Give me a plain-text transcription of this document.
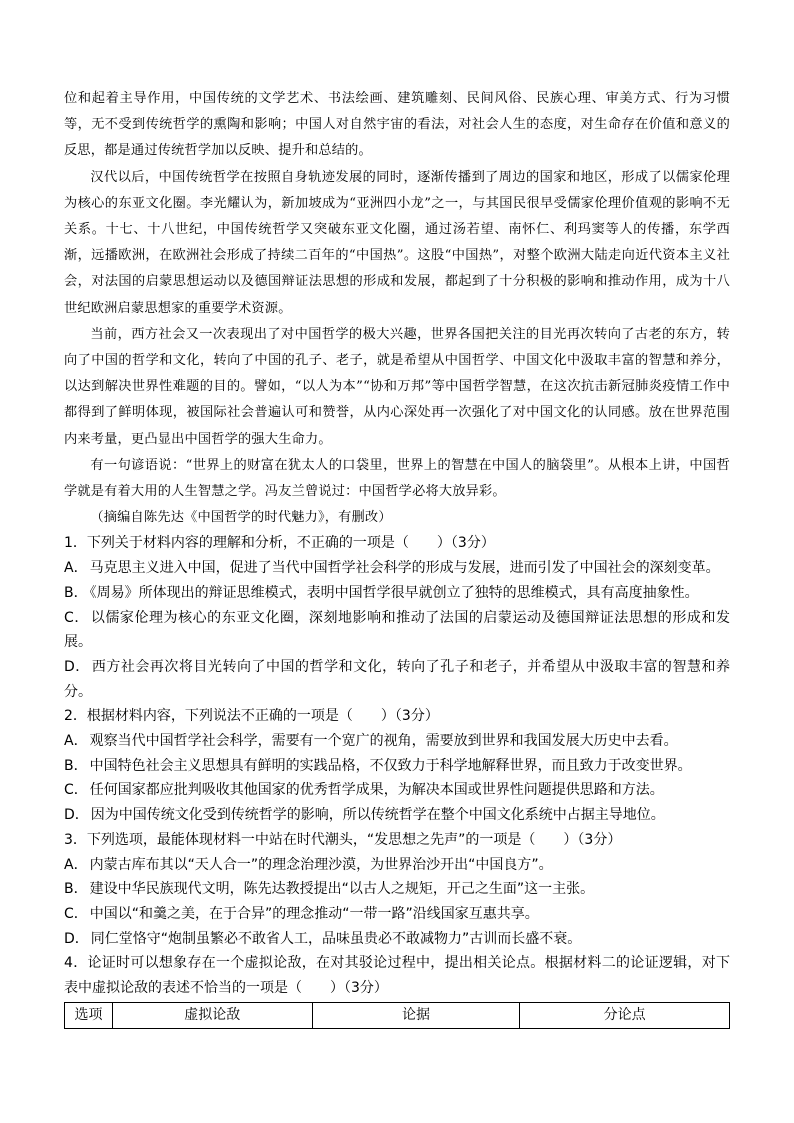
位和起着主导作用，中国传统的文学艺术、书法绘画、建筑雕刻、民间风俗、民族心理、审美方式、行为习惯等，无不受到传统哲学的熏陶和影响；中国人对自然宇宙的看法，对社会人生的态度，对生命存在价值和意义的反思，都是通过传统哲学加以反映、提升和总结的。

汉代以后，中国传统哲学在按照自身轨迹发展的同时，逐渐传播到了周边的国家和地区，形成了以儒家伦理为核心的东亚文化圈。李光耀认为，新加坡成为“亚洲四小龙”之一，与其国民很早受儒家伦理价值观的影响不无关系。十七、十八世纪，中国传统哲学又突破东亚文化圈，通过汤若望、南怀仁、利玛窦等人的传播，东学西渐，远播欧洲，在欧洲社会形成了持续二百年的“中国热”。这股“中国热”，对整个欧洲大陆走向近代资本主义社会，对法国的启蒙思想运动以及德国辩证法思想的形成和发展，都起到了十分积极的影响和推动作用，成为十八世纪欧洲启蒙思想家的重要学术资源。

当前，西方社会又一次表现出了对中国哲学的极大兴趣，世界各国把关注的目光再次转向了古老的东方，转向了中国的哲学和文化，转向了中国的孔子、老子，就是希望从中国哲学、中国文化中汲取丰富的智慧和养分，以达到解决世界性难题的目的。譬如，“以人为本”“协和万邦”等中国哲学智慧，在这次抗击新冠肺炎疫情工作中都得到了鲜明体现，被国际社会普遍认可和赞誉，从内心深处再一次强化了对中国文化的认同感。放在世界范围内来考量，更凸显出中国哲学的强大生命力。

有一句谚语说：“世界上的财富在犹太人的口袋里，世界上的智慧在中国人的脑袋里”。从根本上讲，中国哲学就是有着大用的人生智慧之学。冯友兰曾说过：中国哲学必将大放异彩。

（摘编自陈先达《中国哲学的时代魅力》，有删改）

1．下列关于材料内容的理解和分析，不正确的一项是（　　）（3分）

A． 马克思主义进入中国，促进了当代中国哲学社会科学的形成与发展，进而引发了中国社会的深刻变革。

B． 《周易》所体现出的辩证思维模式，表明中国哲学很早就创立了独特的思维模式，具有高度抽象性。

C． 以儒家伦理为核心的东亚文化圈，深刻地影响和推动了法国的启蒙运动及德国辩证法思想的形成和发展。

D． 西方社会再次将目光转向了中国的哲学和文化，转向了孔子和老子，并希望从中汲取丰富的智慧和养分。

2．根据材料内容，下列说法不正确的一项是（　　）（3分）

A． 观察当代中国哲学社会科学，需要有一个宽广的视角，需要放到世界和我国发展大历史中去看。

B． 中国特色社会主义思想具有鲜明的实践品格，不仅致力于科学地解释世界，而且致力于改变世界。

C． 任何国家都应批判吸收其他国家的优秀哲学成果，为解决本国或世界性问题提供思路和方法。

D． 因为中国传统文化受到传统哲学的影响，所以传统哲学在整个中国文化系统中占据主导地位。

3．下列选项，最能体现材料一中站在时代潮头，“发思想之先声”的一项是（　　）（3分）

A． 内蒙古库布其以“天人合一”的理念治理沙漠，为世界治沙开出“中国良方”。

B． 建设中华民族现代文明，陈先达教授提出“以古人之规矩，开己之生面”这一主张。

C． 中国以“和羹之美，在于合异”的理念推动“一带一路”沿线国家互惠共享。

D． 同仁堂恪守“炮制虽繁必不敢省人工，品味虽贵必不敢减物力”古训而长盛不衰。

4．论证时可以想象存在一个虚拟论敌，在对其驳论过程中，提出相关论点。根据材料二的论证逻辑，对下表中虚拟论敌的表述不恰当的一项是（　　）（3分）

选项	虚拟论敌	论据	分论点
